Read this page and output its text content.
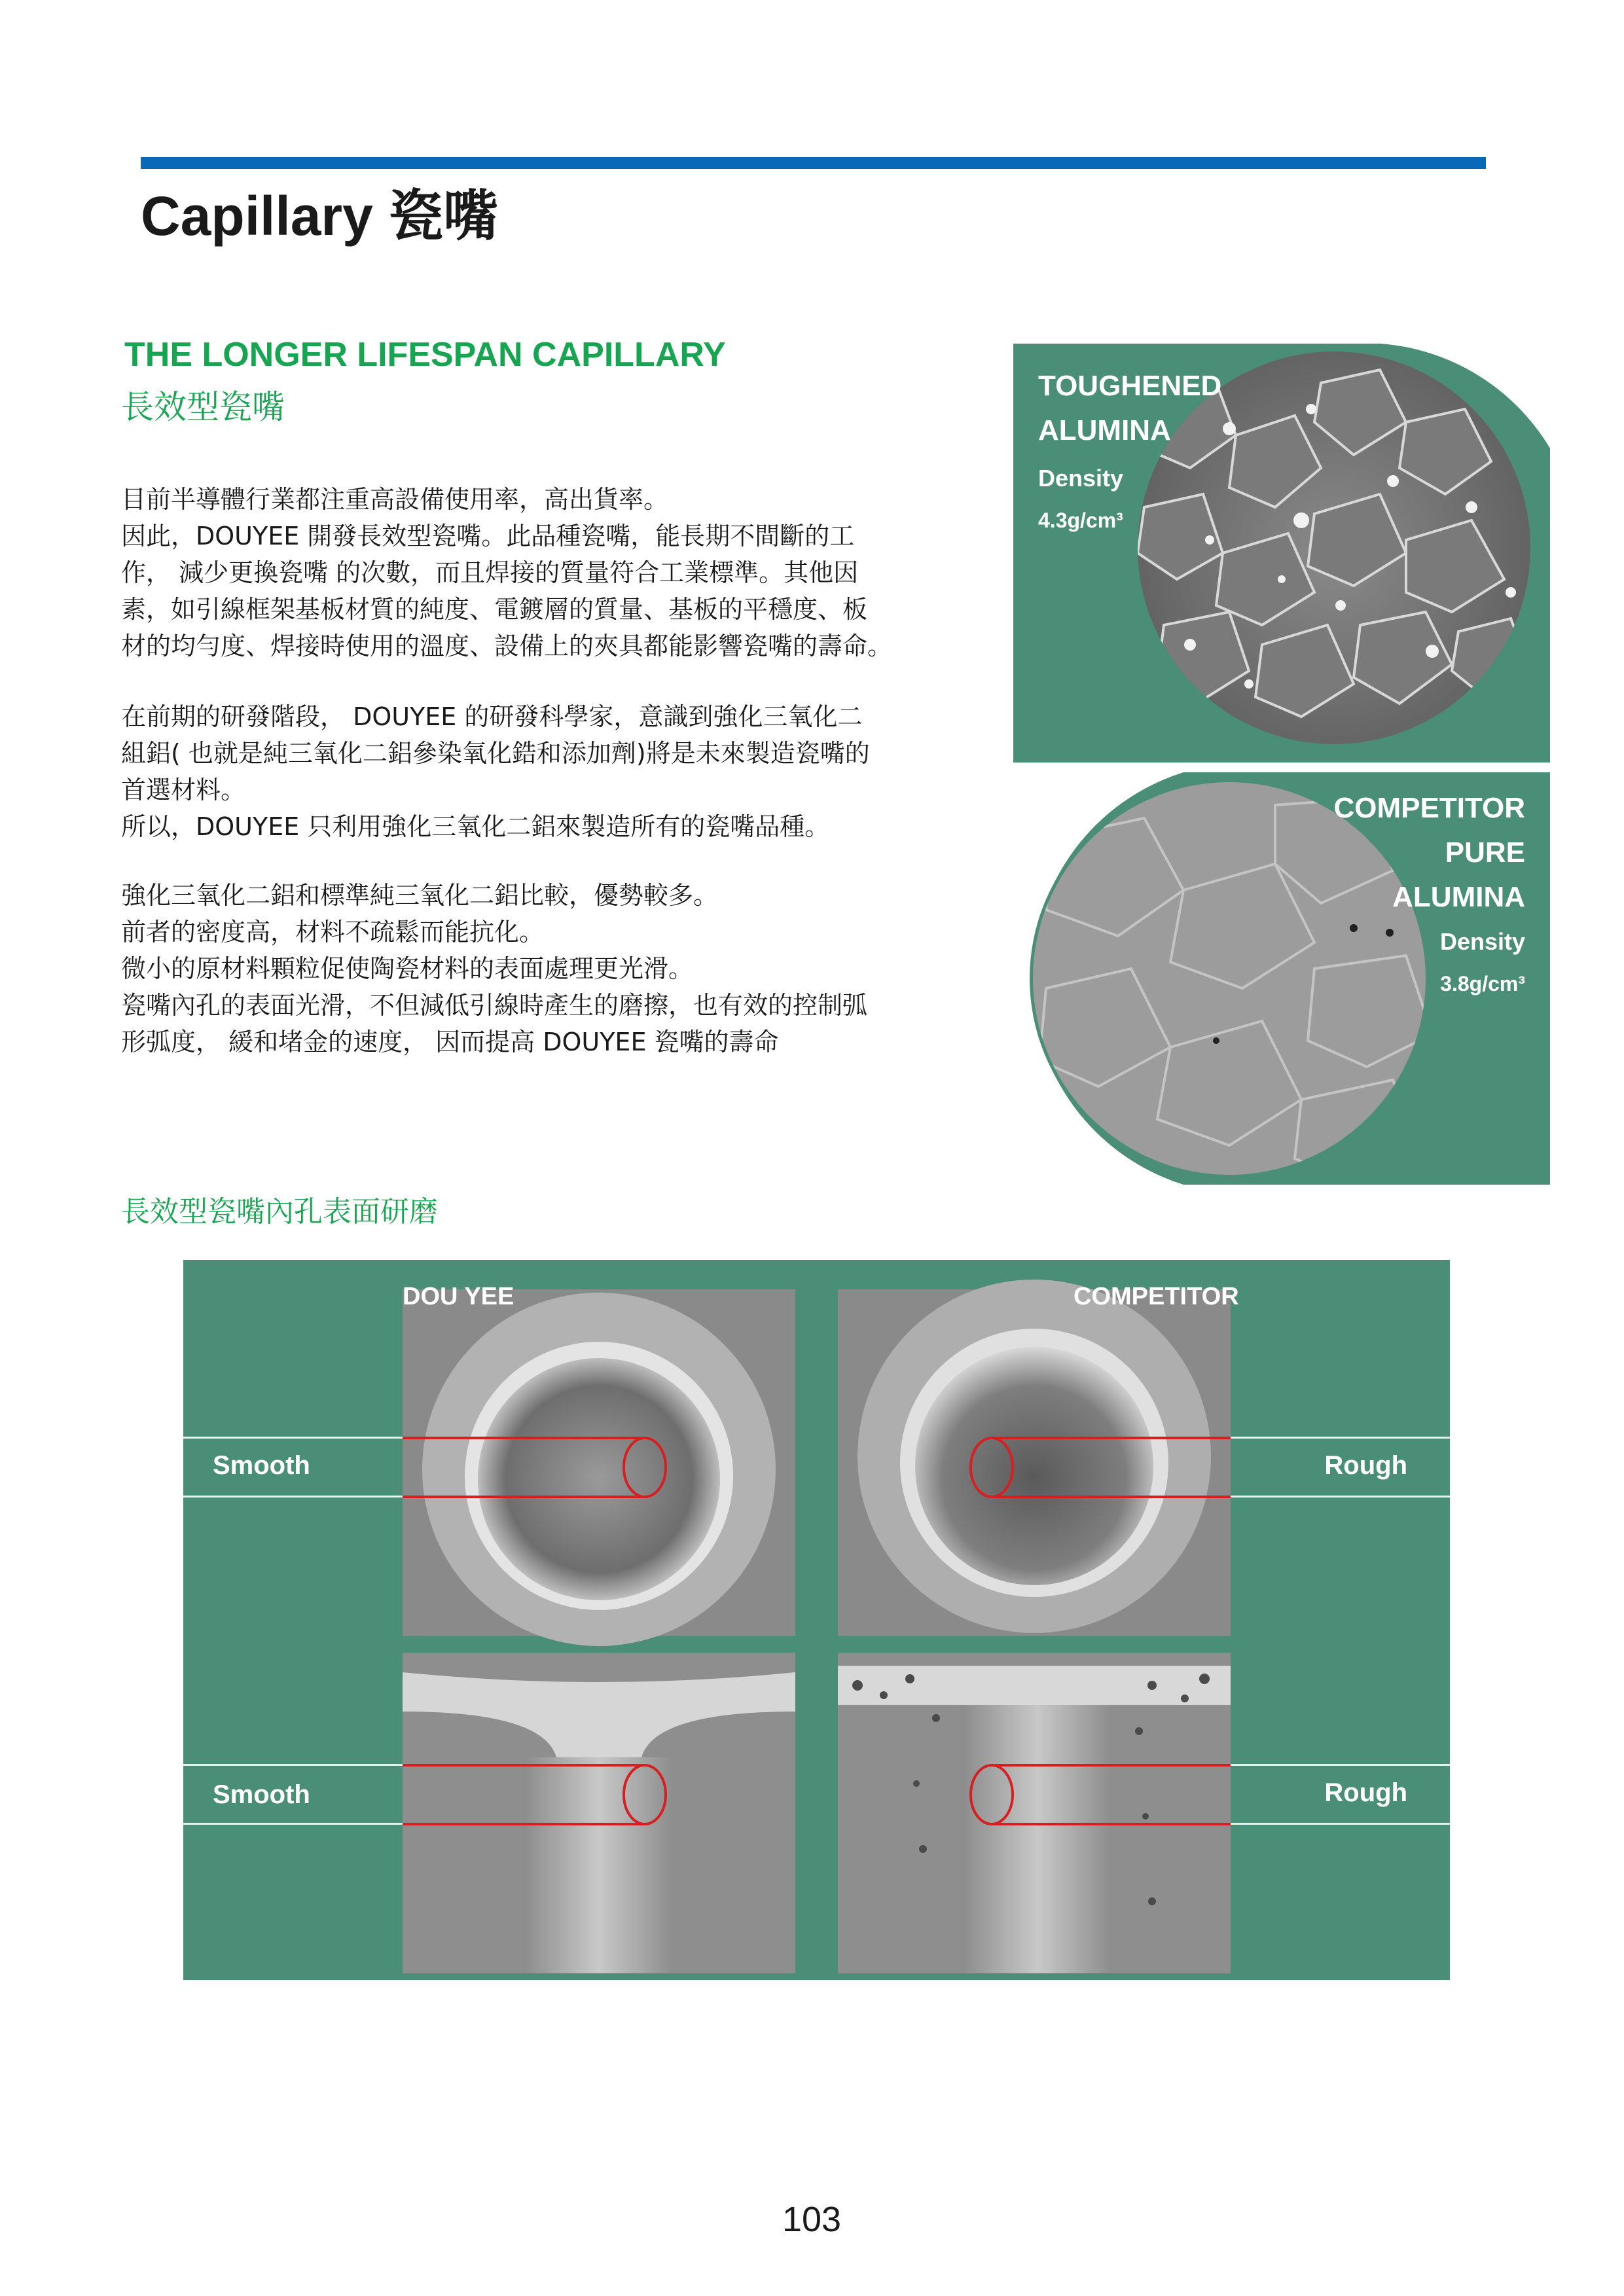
Capillary 瓷嘴
THE LONGER LIFESPAN CAPILLARY
長效型瓷嘴
目前半導體行業都注重高設備使用率，高出貨率。
因此，DOUYEE 開發長效型瓷嘴。此品種瓷嘴，能長期不間斷的工
作， 減少更換瓷嘴 的次數，而且焊接的質量符合工業標準。其他因
素，如引線框架基板材質的純度、電鍍層的質量、基板的平穩度、板
材的均勻度、焊接時使用的溫度、設備上的夾具都能影響瓷嘴的壽命。
在前期的研發階段， DOUYEE 的研發科學家，意識到強化三氧化二
組鋁( 也就是純三氧化二鋁參染氧化鋯和添加劑)將是未來製造瓷嘴的
首選材料。
所以，DOUYEE 只利用強化三氧化二鋁來製造所有的瓷嘴品種。
強化三氧化二鋁和標準純三氧化二鋁比較，優勢較多。
前者的密度高，材料不疏鬆而能抗化。
微小的原材料顆粒促使陶瓷材料的表面處理更光滑。
瓷嘴內孔的表面光滑，不但減低引線時產生的磨擦，也有效的控制弧
形弧度， 緩和堵金的速度， 因而提高 DOUYEE 瓷嘴的壽命
TOUGHENED
ALUMINA
Density
4.3g/cm³
COMPETITOR
PURE
ALUMINA
Density
3.8g/cm³
長效型瓷嘴內孔表面研磨
DOU YEE	COMPETITOR
Smooth	Rough
Smooth	Rough
103
